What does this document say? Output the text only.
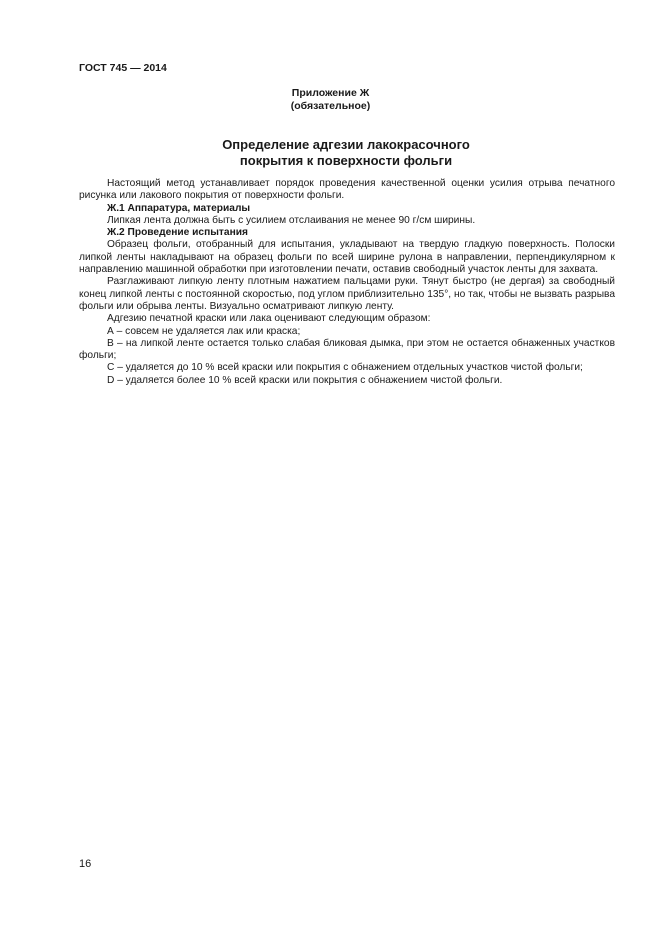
ГОСТ 745 — 2014
Приложение Ж
(обязательное)
Определение адгезии лакокрасочного
покрытия к поверхности фольги

Настоящий метод устанавливает порядок проведения качественной оценки усилия отрыва печатного рисунка или лакового покрытия от поверхности фольги.

Ж.1 Аппаратура, материалы

Липкая лента должна быть с усилием отслаивания не менее 90 г/см ширины.

Ж.2 Проведение испытания

Образец фольги, отобранный для испытания, укладывают на твердую гладкую поверхность. Полоски липкой ленты накладывают на образец фольги по всей ширине рулона в направлении, перпендикулярном к направлению машинной обработки при изготовлении печати, оставив свободный участок ленты для захвата.

Разглаживают липкую ленту плотным нажатием пальцами руки. Тянут быстро (не дергая) за свободный конец липкой ленты с постоянной скоростью, под углом приблизительно 135°, но так, чтобы не вызвать разрыва фольги или обрыва ленты. Визуально осматривают липкую ленту.

Адгезию печатной краски или лака оценивают следующим образом:

А – совсем не удаляется лак или краска;

В – на липкой ленте остается только слабая бликовая дымка, при этом не остается обнаженных участков фольги;

С – удаляется до 10 % всей краски или покрытия с обнажением отдельных участков чистой фольги;

D – удаляется более 10 % всей краски или покрытия с обнажением чистой фольги.

16
